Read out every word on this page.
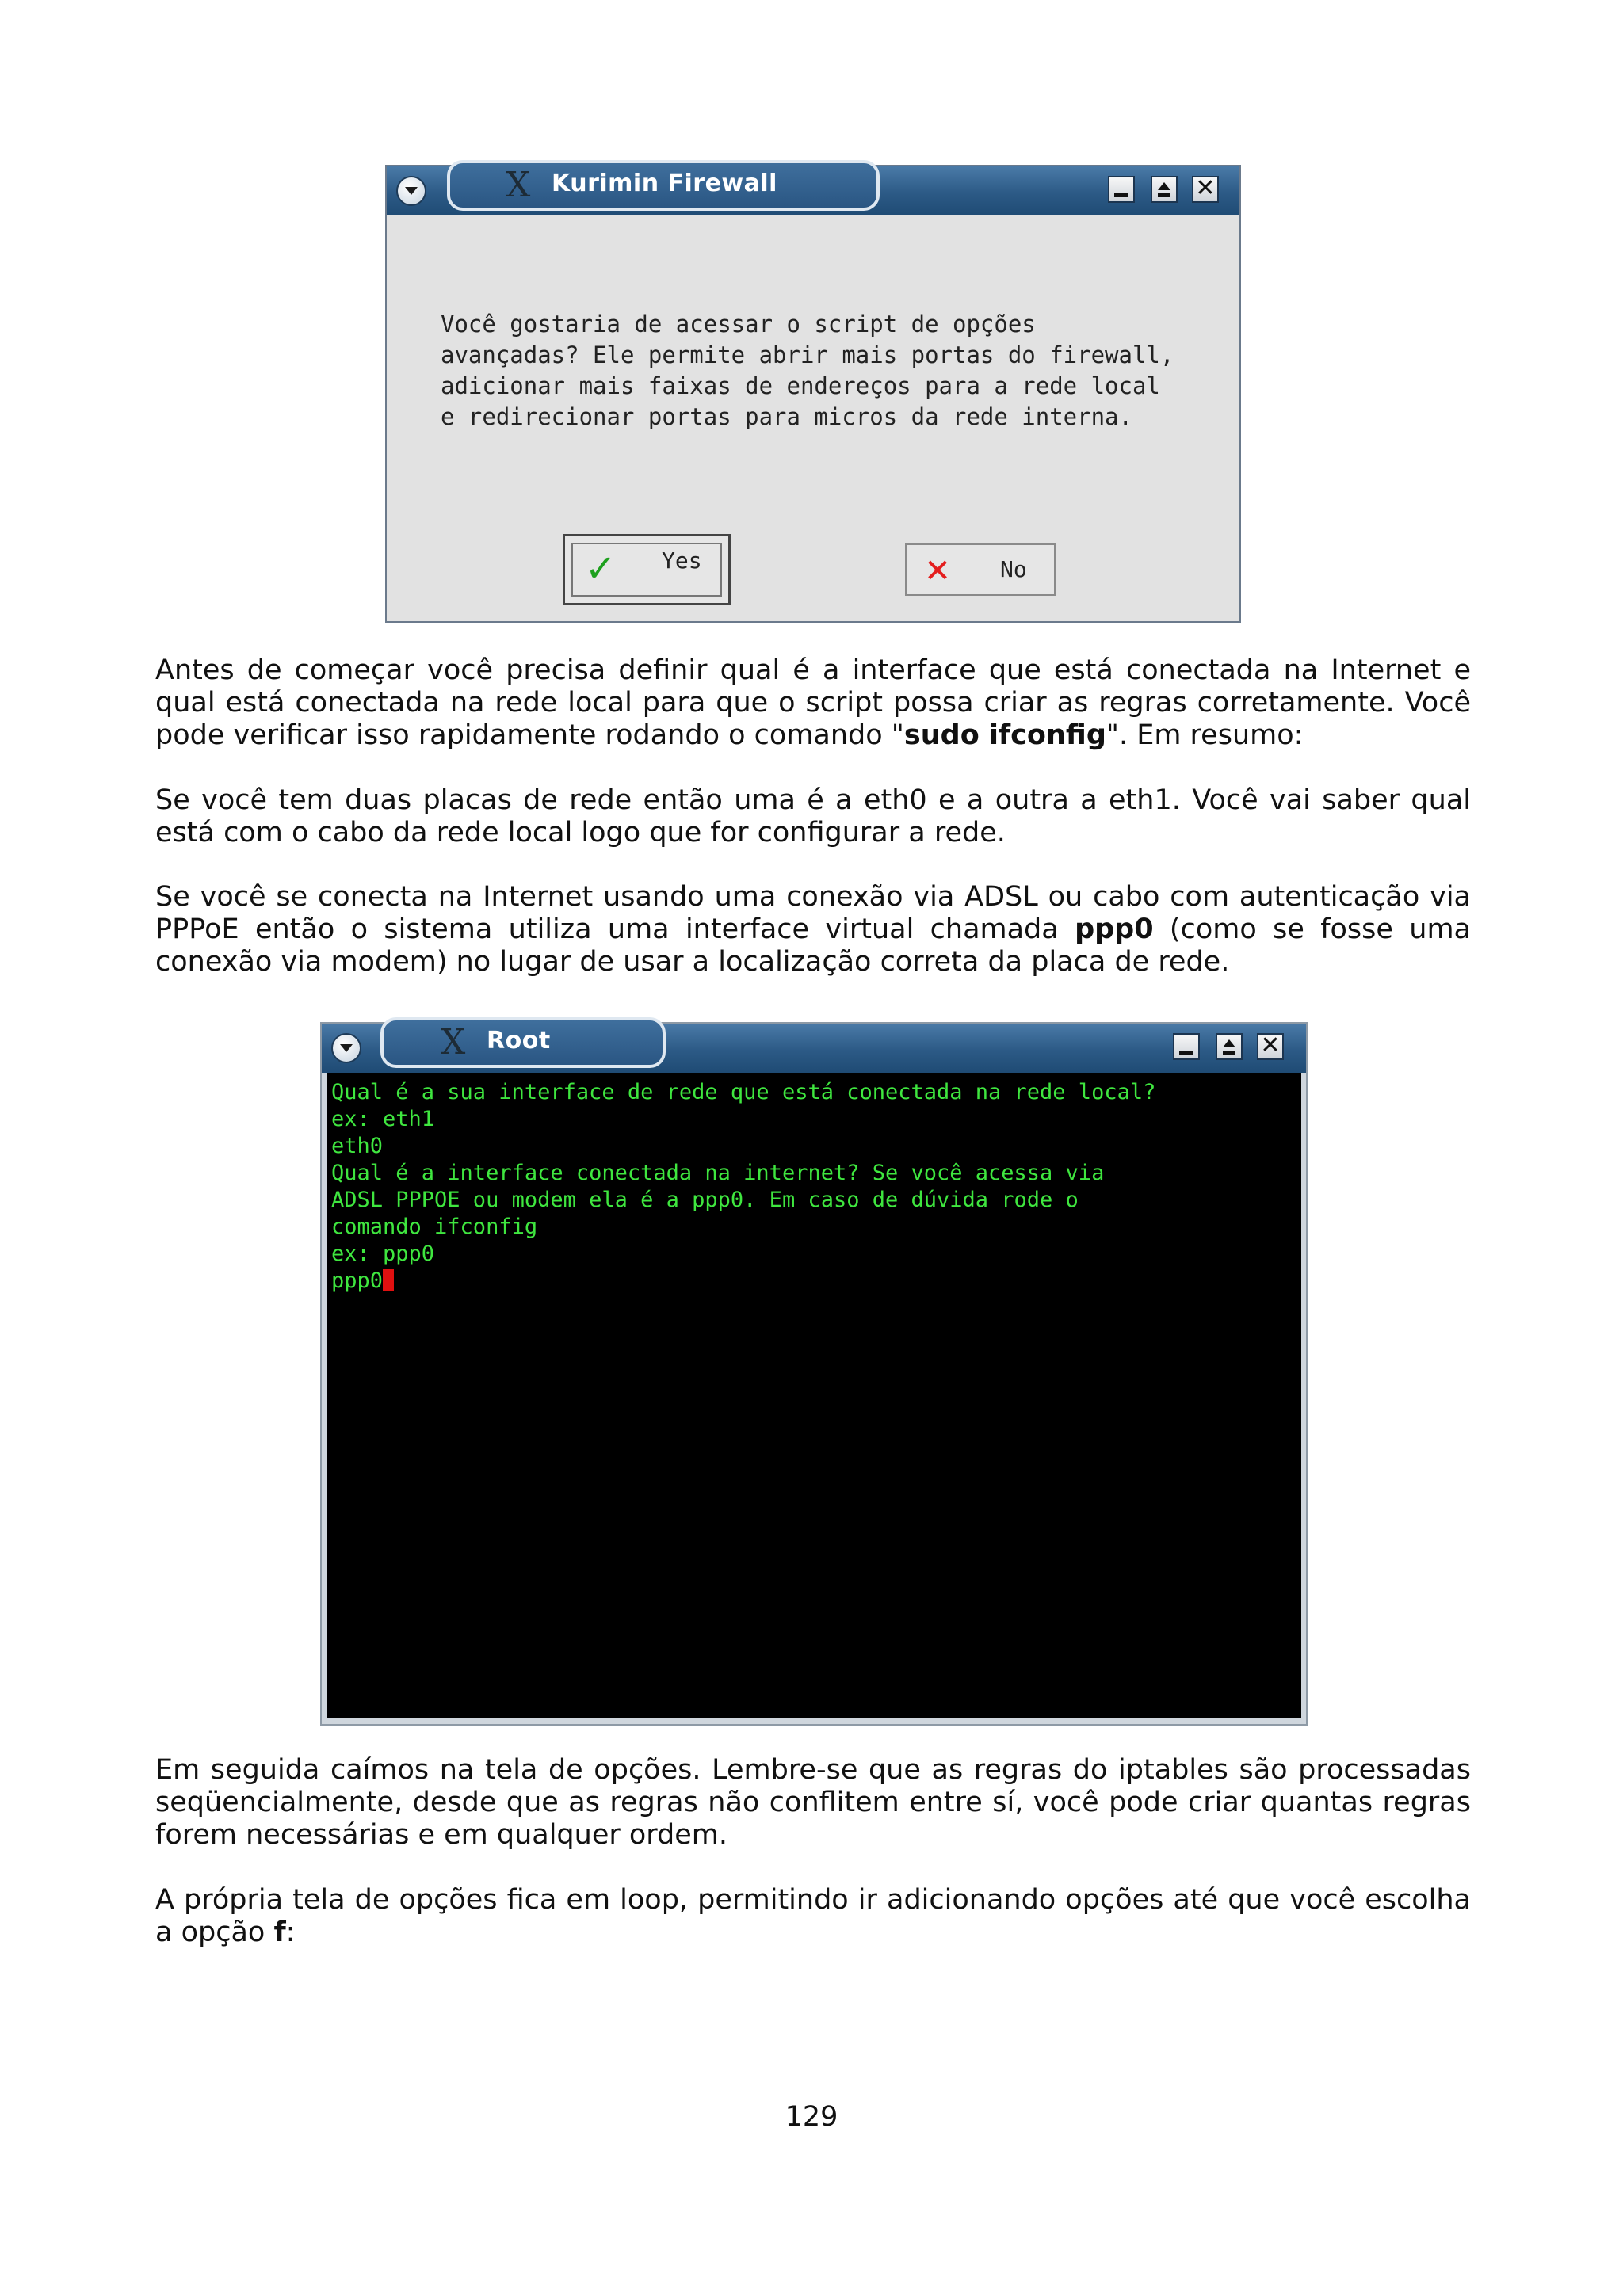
X Kurimin Firewall	✕
Você gostaria de acessar o script de opções
avançadas? Ele permite abrir mais portas do firewall,
adicionar mais faixas de endereços para a rede local
e redirecionar portas para micros da rede interna.
✓ Yes	✕ No

Antes de começar você precisa definir qual é a interface que está conectada na Internet e qual está conectada na rede local para que o script possa criar as regras corretamente. Você pode verificar isso rapidamente rodando o comando "sudo ifconfig". Em resumo:

Se você tem duas placas de rede então uma é a eth0 e a outra a eth1. Você vai saber qual está com o cabo da rede local logo que for configurar a rede.

Se você se conecta na Internet usando uma conexão via ADSL ou cabo com autenticação via PPPoE então o sistema utiliza uma interface virtual chamada ppp0 (como se fosse uma conexão via modem) no lugar de usar a localização correta da placa de rede.

X Root	✕
Qual é a sua interface de rede que está conectada na rede local?
ex: eth1
eth0
Qual é a interface conectada na internet? Se você acessa via
ADSL PPPOE ou modem ela é a ppp0. Em caso de dúvida rode o
comando ifconfig
ex: ppp0
ppp0

Em seguida caímos na tela de opções. Lembre-se que as regras do iptables são processadas seqüencialmente, desde que as regras não conflitem entre sí, você pode criar quantas regras forem necessárias e em qualquer ordem.

A própria tela de opções fica em loop, permitindo ir adicionando opções até que você escolha a opção f:

129
